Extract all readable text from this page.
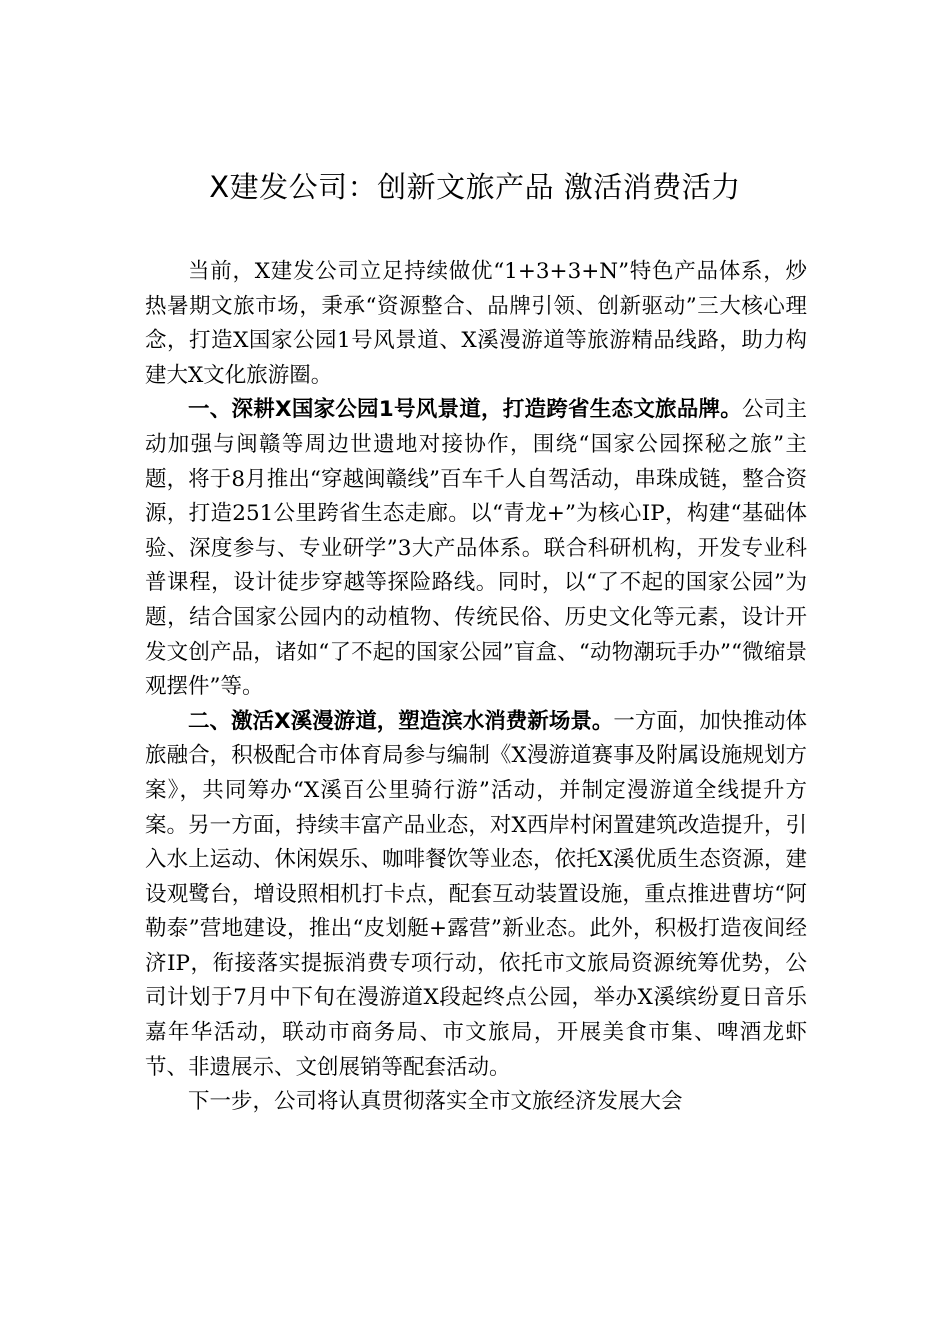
X建发公司：创新文旅产品 激活消费活力

当前，X建发公司立足持续做优“1+3+3+N”特色产品体系，炒热暑期文旅市场，秉承“资源整合、品牌引领、创新驱动”三大核心理念，打造X国家公园1号风景道、X溪漫游道等旅游精品线路，助力构建大X文化旅游圈。

一、深耕X国家公园1号风景道，打造跨省生态文旅品牌。公司主动加强与闽赣等周边世遗地对接协作，围绕“国家公园探秘之旅”主题，将于8月推出“穿越闽赣线”百车千人自驾活动，串珠成链，整合资源，打造251公里跨省生态走廊。以“青龙+”为核心IP，构建“基础体验、深度参与、专业研学”3大产品体系。联合科研机构，开发专业科普课程，设计徒步穿越等探险路线。同时，以“了不起的国家公园”为题，结合国家公园内的动植物、传统民俗、历史文化等元素，设计开发文创产品，诸如“了不起的国家公园”盲盒、“动物潮玩手办”“微缩景观摆件”等。

二、激活X溪漫游道，塑造滨水消费新场景。一方面，加快推动体旅融合，积极配合市体育局参与编制《X漫游道赛事及附属设施规划方案》，共同筹办“X溪百公里骑行游”活动，并制定漫游道全线提升方案。另一方面，持续丰富产品业态，对X西岸村闲置建筑改造提升，引入水上运动、休闲娱乐、咖啡餐饮等业态，依托X溪优质生态资源，建设观鹭台，增设照相机打卡点，配套互动装置设施，重点推进曹坊“阿勒泰”营地建设，推出“皮划艇+露营”新业态。此外，积极打造夜间经济IP，衔接落实提振消费专项行动，依托市文旅局资源统筹优势，公司计划于7月中下旬在漫游道X段起终点公园，举办X溪缤纷夏日音乐嘉年华活动，联动市商务局、市文旅局，开展美食市集、啤酒龙虾节、非遗展示、文创展销等配套活动。

下一步，公司将认真贯彻落实全市文旅经济发展大会
